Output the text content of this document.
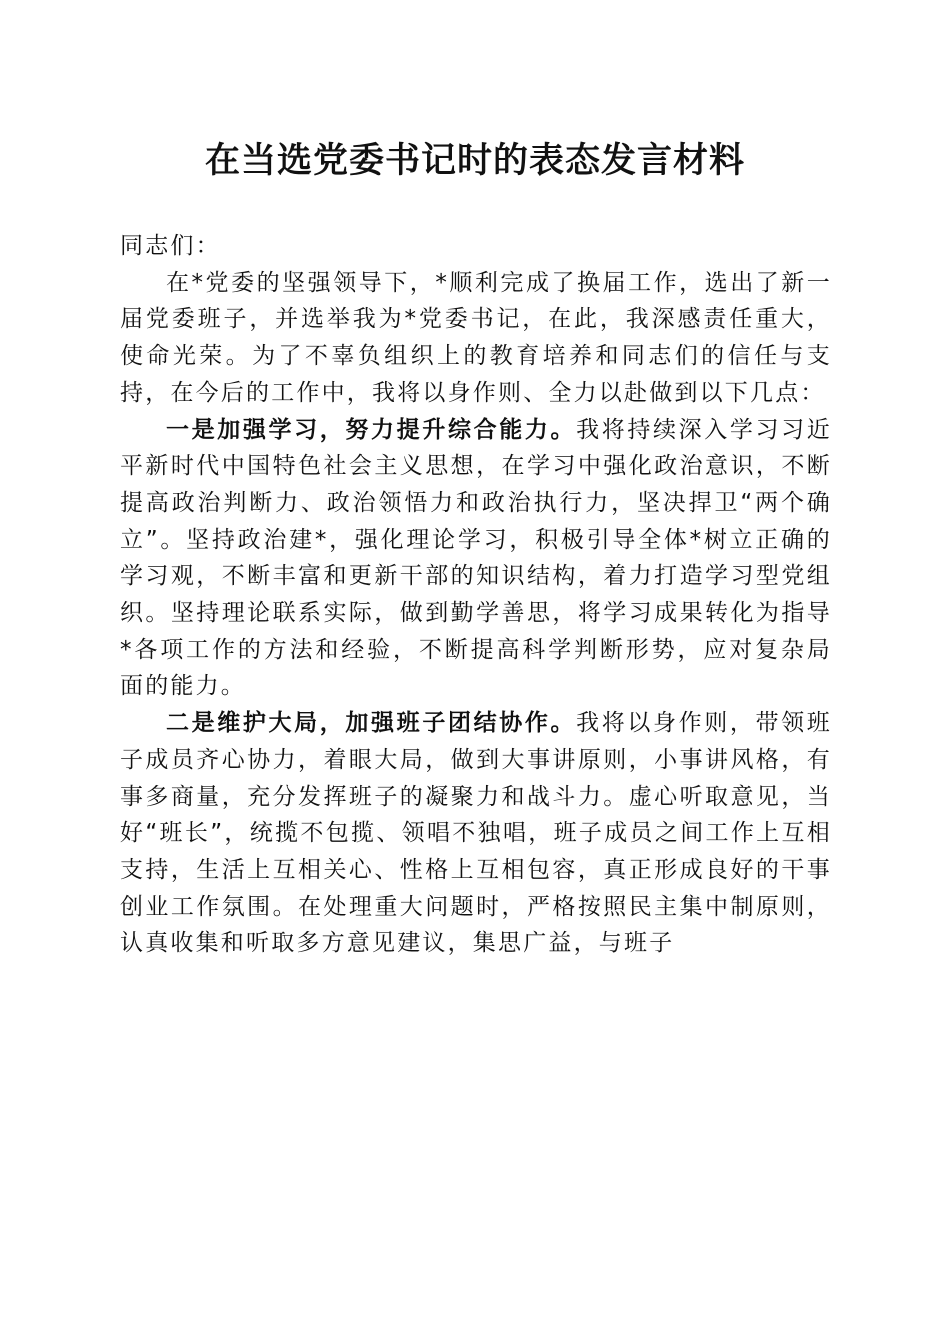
在当选党委书记时的表态发言材料

同志们：

在*党委的坚强领导下，*顺利完成了换届工作，选出了新一届党委班子，并选举我为*党委书记，在此，我深感责任重大，使命光荣。为了不辜负组织上的教育培养和同志们的信任与支持，在今后的工作中，我将以身作则、全力以赴做到以下几点：

一是加强学习，努力提升综合能力。我将持续深入学习习近平新时代中国特色社会主义思想，在学习中强化政治意识，不断提高政治判断力、政治领悟力和政治执行力，坚决捍卫“两个确立”。坚持政治建*，强化理论学习，积极引导全体*树立正确的学习观，不断丰富和更新干部的知识结构，着力打造学习型党组织。坚持理论联系实际，做到勤学善思，将学习成果转化为指导*各项工作的方法和经验，不断提高科学判断形势，应对复杂局面的能力。

二是维护大局，加强班子团结协作。我将以身作则，带领班子成员齐心协力，着眼大局，做到大事讲原则，小事讲风格，有事多商量，充分发挥班子的凝聚力和战斗力。虚心听取意见，当好“班长”，统揽不包揽、领唱不独唱，班子成员之间工作上互相支持，生活上互相关心、性格上互相包容，真正形成良好的干事创业工作氛围。在处理重大问题时，严格按照民主集中制原则，认真收集和听取多方意见建议，集思广益，与班子
